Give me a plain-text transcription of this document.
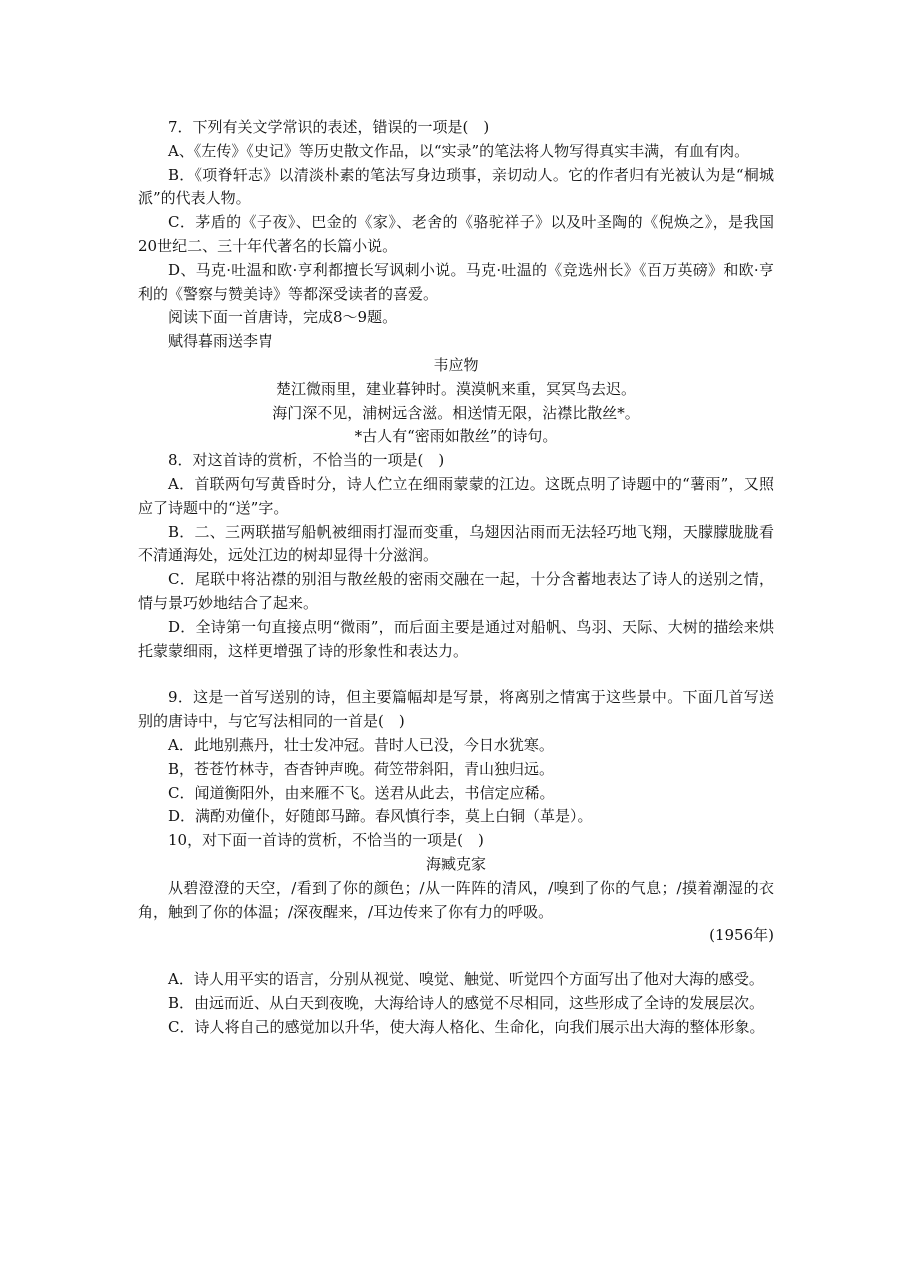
7．下列有关文学常识的表述，错误的一项是(　)

A、《左传》《史记》等历史散文作品，以“实录”的笔法将人物写得真实丰满，有血有肉。

B．《项脊轩志》以清淡朴素的笔法写身边琐事，亲切动人。它的作者归有光被认为是“桐城派”的代表人物。

C．茅盾的《子夜》、巴金的《家》、老舍的《骆驼祥子》以及叶圣陶的《倪焕之》，是我国20世纪二、三十年代著名的长篇小说。

D、马克·吐温和欧·亨利都擅长写讽刺小说。马克·吐温的《竞选州长》《百万英磅》和欧·亨利的《警察与赞美诗》等都深受读者的喜爱。

阅读下面一首唐诗，完成8～9题。

赋得暮雨送李胄

韦应物

楚江微雨里，建业暮钟时。漠漠帆来重，冥冥鸟去迟。

海门深不见，浦树远含滋。相送情无限，沾襟比散丝*。

*古人有“密雨如散丝”的诗句。

8．对这首诗的赏析，不恰当的一项是(　)

A．首联两句写黄昏时分，诗人伫立在细雨蒙蒙的江边。这既点明了诗题中的“薯雨”，又照应了诗题中的“送”字。

B．二、三两联描写船帆被细雨打湿而变重，乌翅因沾雨而无法轻巧地飞翔，天朦朦胧胧看不清通海处，远处江边的树却显得十分滋润。

C．尾联中将沾襟的别泪与散丝般的密雨交融在一起，十分含蓄地表达了诗人的送别之情，情与景巧妙地结合了起来。

D．全诗第一句直接点明“微雨”，而后面主要是通过对船帆、鸟羽、天际、大树的描绘来烘托蒙蒙细雨，这样更增强了诗的形象性和表达力。

9．这是一首写送别的诗，但主要篇幅却是写景，将离别之情寓于这些景中。下面几首写送别的唐诗中，与它写法相同的一首是(　)

A．此地别燕丹，壮士发冲冠。昔时人已没，今日水犹寒。

B，苍苍竹林寺，杳杳钟声晚。荷笠带斜阳，青山独归远。

C．闻道衡阳外，由来雁不飞。送君从此去，书信定应稀。

D．满酌劝僮仆，好随郎马蹄。春风慎行李，莫上白铜（革是）。

10，对下面一首诗的赏析，不恰当的一项是(　)

海臧克家

从碧澄澄的天空，/看到了你的颜色；/从一阵阵的清风，/嗅到了你的气息；/摸着潮湿的衣角，触到了你的体温；/深夜醒来，/耳边传来了你有力的呼吸。

(1956年)

A．诗人用平实的语言，分别从视觉、嗅觉、触觉、听觉四个方面写出了他对大海的感受。

B．由远而近、从白天到夜晚，大海给诗人的感觉不尽相同，这些形成了全诗的发展层次。

C．诗人将自己的感觉加以升华，使大海人格化、生命化，向我们展示出大海的整体形象。
